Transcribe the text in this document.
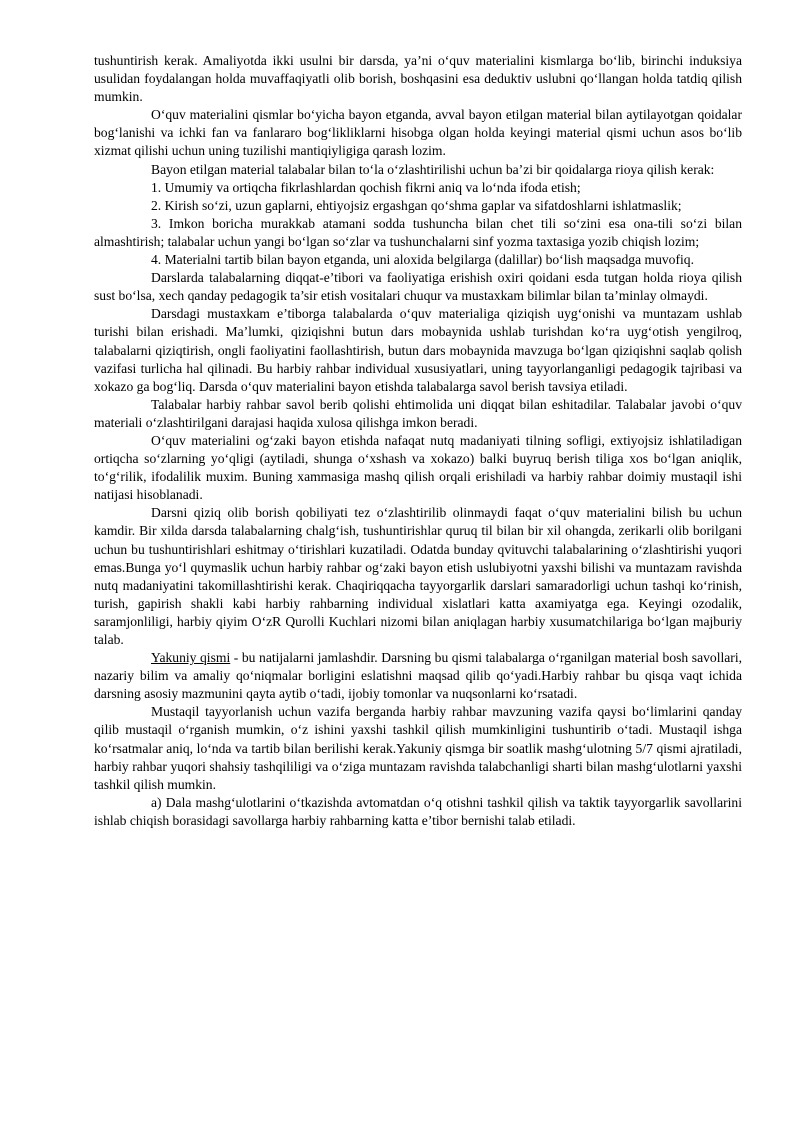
tushuntirish kerak. Amaliyotda ikki usulni bir darsda, ya’ni o‘quv materialini kismlarga bo‘lib, birinchi induksiya usulidan foydalangan holda muvaffaqiyatli olib borish, boshqasini esa deduktiv uslubni qo‘llangan holda tatdiq qilish mumkin.

O‘quv materialini qismlar bo‘yicha bayon etganda, avval bayon etilgan material bilan aytilayotgan qoidalar bog‘lanishi va ichki fan va fanlararo bog‘likliklarni hisobga olgan holda keyingi material qismi uchun asos bo‘lib xizmat qilishi uchun uning tuzilishi mantiqiyligiga qarash lozim.

Bayon etilgan material talabalar bilan to‘la o‘zlashtirilishi uchun ba’zi bir qoidalarga rioya qilish kerak:

1. Umumiy va ortiqcha fikrlashlardan qochish fikrni aniq va lo‘nda ifoda etish;

2. Kirish so‘zi, uzun gaplarni, ehtiyojsiz ergashgan qo‘shma gaplar va sifatdoshlarni ishlatmaslik;

3. Imkon boricha murakkab atamani sodda tushuncha bilan chet tili so‘zini esa ona-tili so‘zi bilan almashtirish; talabalar uchun yangi bo‘lgan so‘zlar va tushunchalarni sinf yozma taxtasiga yozib chiqish lozim;

4. Materialni tartib bilan bayon etganda, uni aloxida belgilarga (dalillar) bo‘lish maqsadga muvofiq.

Darslarda talabalarning diqqat-e’tibori va faoliyatiga erishish oxiri qoidani esda tutgan holda rioya qilish sust bo‘lsa, xech qanday pedagogik ta’sir etish vositalari chuqur va mustaxkam bilimlar bilan ta’minlay olmaydi.

Darsdagi mustaxkam e’tiborga talabalarda o‘quv materialiga qiziqish uyg‘onishi va muntazam ushlab turishi bilan erishadi. Ma’lumki, qiziqishni butun dars mobaynida ushlab turishdan ko‘ra uyg‘otish yengilroq, talabalarni qiziqtirish, ongli faoliyatini faollashtirish, butun dars mobaynida mavzuga bo‘lgan qiziqishni saqlab qolish vazifasi turlicha hal qilinadi. Bu harbiy rahbar individual xususiyatlari, uning tayyorlanganligi pedagogik tajribasi va xokazo ga bog‘liq. Darsda o‘quv materialini bayon etishda talabalarga savol berish tavsiya etiladi.

Talabalar harbiy rahbar savol berib qolishi ehtimolida uni diqqat bilan eshitadilar. Talabalar javobi o‘quv materiali o‘zlashtirilgani darajasi haqida xulosa qilishga imkon beradi.

O‘quv materialini og‘zaki bayon etishda nafaqat nutq madaniyati tilning sofligi, extiyojsiz ishlatiladigan ortiqcha so‘zlarning yo‘qligi (aytiladi, shunga o‘xshash va xokazo) balki buyruq berish tiliga xos bo‘lgan aniqlik, to‘g‘rilik, ifodalilik muxim. Buning xammasiga mashq qilish orqali erishiladi va harbiy rahbar doimiy mustaqil ishi natijasi hisoblanadi.

Darsni qiziq olib borish qobiliyati tez o‘zlashtirilib olinmaydi faqat o‘quv materialini bilish bu uchun kamdir. Bir xilda darsda talabalarning chalg‘ish, tushuntirishlar quruq til bilan bir xil ohangda, zerikarli olib borilgani uchun bu tushuntirishlari eshitmay o‘tirishlari kuzatiladi. Odatda bunday qvituvchi talabalarining o‘zlashtirishi yuqori emas.Bunga yo‘l quymaslik uchun harbiy rahbar og‘zaki bayon etish uslubiyotni yaxshi bilishi va muntazam ravishda nutq madaniyatini takomillashtirishi kerak. Chaqiriqqacha tayyorgarlik darslari samaradorligi uchun tashqi ko‘rinish, turish, gapirish shakli kabi harbiy rahbarning individual xislatlari katta axamiyatga ega. Keyingi ozodalik, saramjonliligi, harbiy qiyim O‘zR Qurolli Kuchlari nizomi bilan aniqlagan harbiy xusumatchilariga bo‘lgan majburiy talab.

Yakuniy qismi - bu natijalarni jamlashdir. Darsning bu qismi talabalarga o‘rganilgan material bosh savollari, nazariy bilim va amaliy qo‘niqmalar borligini eslatishni maqsad qilib qo‘yadi.Harbiy rahbar bu qisqa vaqt ichida darsning asosiy mazmunini qayta aytib o‘tadi, ijobiy tomonlar va nuqsonlarni ko‘rsatadi.

Mustaqil tayyorlanish uchun vazifa berganda harbiy rahbar mavzuning vazifa qaysi bo‘limlarini qanday qilib mustaqil o‘rganish mumkin, o‘z ishini yaxshi tashkil qilish mumkinligini tushuntirib o‘tadi. Mustaqil ishga ko‘rsatmalar aniq, lo‘nda va tartib bilan berilishi kerak.Yakuniy qismga bir soatlik mashg‘ulotning 5/7 qismi ajratiladi, harbiy rahbar yuqori shahsiy tashqililigi va o‘ziga muntazam ravishda talabchanligi sharti bilan mashg‘ulotlarni yaxshi tashkil qilish mumkin.

a) Dala mashg‘ulotlarini o‘tkazishda avtomatdan o‘q otishni tashkil qilish va taktik tayyorgarlik savollarini ishlab chiqish borasidagi savollarga harbiy rahbarning katta e’tibor bernishi talab etiladi.
